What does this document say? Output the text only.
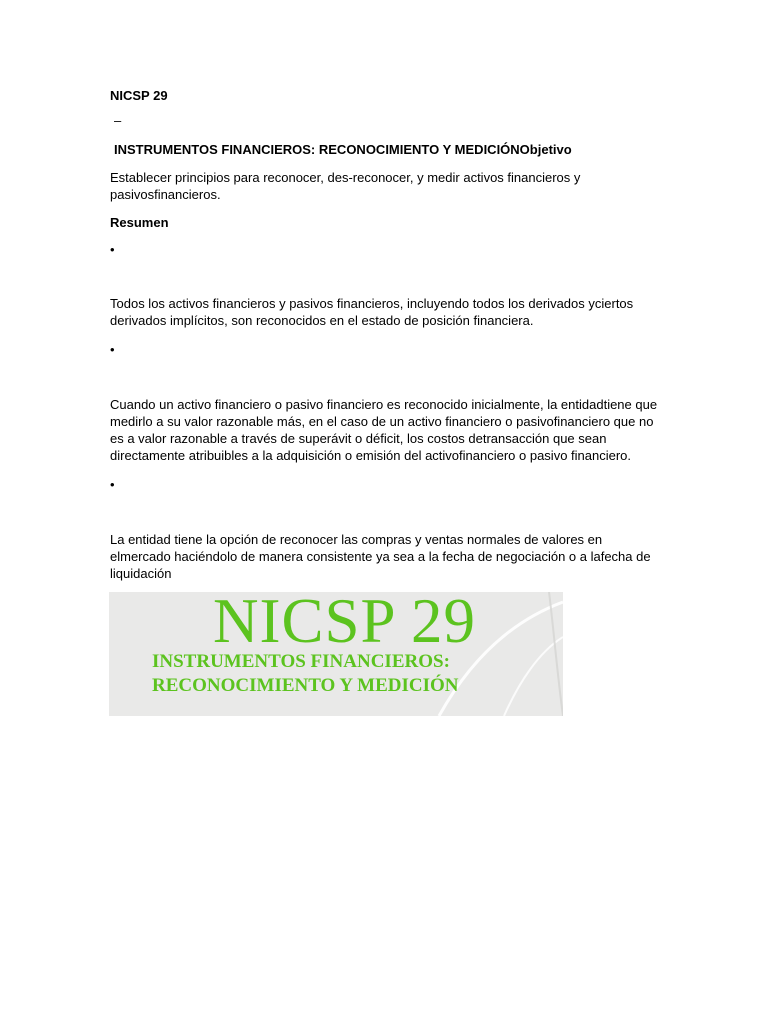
NICSP 29
–
INSTRUMENTOS FINANCIEROS: RECONOCIMIENTO Y MEDICIÓNObjetivo
Establecer principios para reconocer, des-reconocer, y medir activos financieros y pasivosfinancieros.
Resumen
•
Todos los activos financieros y pasivos financieros, incluyendo todos los derivados yciertos derivados implícitos, son reconocidos en el estado de posición financiera.
•
Cuando un activo financiero o pasivo financiero es reconocido inicialmente, la entidadtiene que medirlo a su valor razonable más, en el caso de un activo financiero o pasivofinanciero que no es a valor razonable a través de superávit o déficit, los costos detransacción que sean directamente atribuibles a la adquisición o emisión del activofinanciero o pasivo financiero.
•
La entidad tiene la opción de reconocer las compras y ventas normales de valores en elmercado haciéndolo de manera consistente ya sea a la fecha de negociación o a lafecha de liquidación
NICSP 29
INSTRUMENTOS FINANCIEROS:
RECONOCIMIENTO Y MEDICIÓN
